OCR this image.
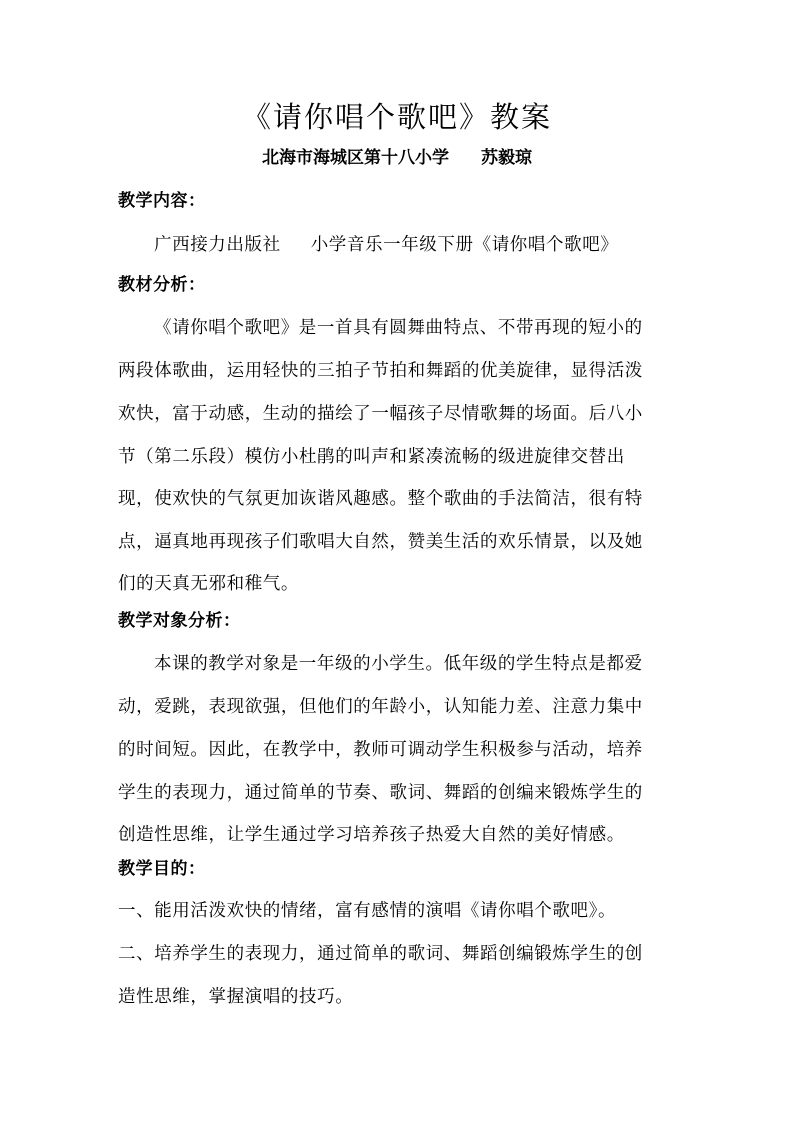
《请你唱个歌吧》教案
北海市海城区第十八小学 苏毅琼
教学内容：
广西接力出版社 小学音乐一年级下册《请你唱个歌吧》
教材分析：
《请你唱个歌吧》是一首具有圆舞曲特点、不带再现的短小的
两段体歌曲，运用轻快的三拍子节拍和舞蹈的优美旋律，显得活泼
欢快，富于动感，生动的描绘了一幅孩子尽情歌舞的场面。后八小
节（第二乐段）模仿小杜鹃的叫声和紧凑流畅的级进旋律交替出
现，使欢快的气氛更加诙谐风趣感。整个歌曲的手法简洁，很有特
点，逼真地再现孩子们歌唱大自然，赞美生活的欢乐情景，以及她
们的天真无邪和稚气。
教学对象分析：
本课的教学对象是一年级的小学生。低年级的学生特点是都爱
动，爱跳，表现欲强，但他们的年龄小，认知能力差、注意力集中
的时间短。因此，在教学中，教师可调动学生积极参与活动，培养
学生的表现力，通过简单的节奏、歌词、舞蹈的创编来锻炼学生的
创造性思维，让学生通过学习培养孩子热爱大自然的美好情感。
教学目的：
一、能用活泼欢快的情绪，富有感情的演唱《请你唱个歌吧》。
二、培养学生的表现力，通过简单的歌词、舞蹈创编锻炼学生的创
造性思维，掌握演唱的技巧。
